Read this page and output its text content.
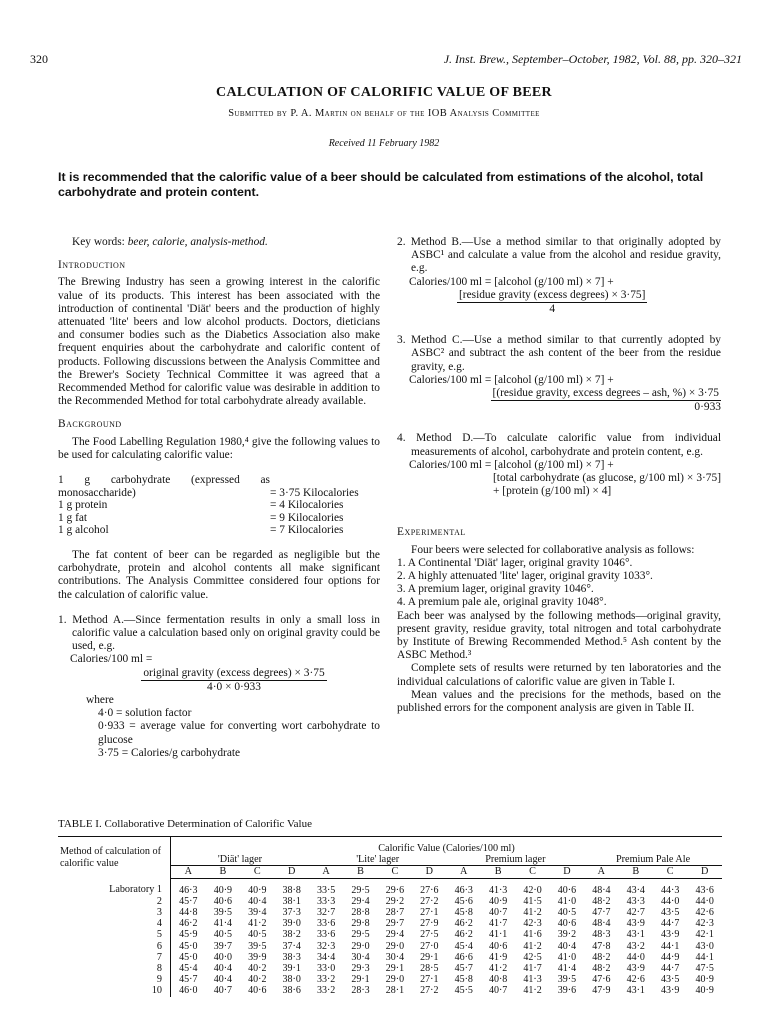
320	J. Inst. Brew., September–October, 1982, Vol. 88, pp. 320–321
CALCULATION OF CALORIFIC VALUE OF BEER
Submitted by P. A. Martin on behalf of the IOB Analysis Committee
Received 11 February 1982
It is recommended that the calorific value of a beer should be calculated from estimations of the alcohol, total carbohydrate and protein content.

Key words: beer, calorie, analysis-method.

Introduction

The Brewing Industry has seen a growing interest in the calorific value of its products. This interest has been associated with the introduction of continental 'Diät' beers and the production of highly attenuated 'lite' beers and low alcohol products. Doctors, dieticians and consumer bodies such as the Diabetics Association also make frequent enquiries about the carbohydrate and calorific content of products. Following discussions between the Analysis Committee and the Brewer's Society Technical Committee it was agreed that a Recommended Method for calorific value was desirable in addition to the Recommended Method for total carbohydrate already available.

Background

The Food Labelling Regulation 1980,⁴ give the following values to be used for calculating calorific value:

1 g carbohydrate (expressed as monosaccharide)	= 3·75 Kilocalories
1 g protein	= 4 Kilocalories
1 g fat	= 9 Kilocalories
1 g alcohol	= 7 Kilocalories

The fat content of beer can be regarded as negligible but the carbohydrate, protein and alcohol contents all make significant contributions. The Analysis Committee considered four options for the calculation of calorific value.

1. Method A.—Since fermentation results in only a small loss in calorific value a calculation based only on original gravity could be used, e.g.

Calories/100 ml =

$\frac{\text{original gravity (excess degrees) × 3·75}}{4\cdot 0 \times 0\cdot 933}$

where

4·0 = solution factor

0·933 = average value for converting wort carbohydrate to glucose

3·75 = Calories/g carbohydrate

2. Method B.—Use a method similar to that originally adopted by ASBC¹ and calculate a value from the alcohol and residue gravity, e.g.

Calories/100 ml = [alcohol (g/100 ml) × 7] +

$\frac{\text{[residue gravity (excess degrees) × 3·75]}}{4}$

3. Method C.—Use a method similar to that currently adopted by ASBC² and subtract the ash content of the beer from the residue gravity, e.g.

Calories/100 ml = [alcohol (g/100 ml) × 7] +

$\frac{\text{[(residue gravity, excess degrees – ash, \%) × 3·75}}{0\cdot 933}$

4. Method D.—To calculate calorific value from individual measurements of alcohol, carbohydrate and protein content, e.g.

Calories/100 ml = [alcohol (g/100 ml) × 7] +

[total carbohydrate (as glucose, g/100 ml) × 3·75] + [protein (g/100 ml) × 4]

Experimental

Four beers were selected for collaborative analysis as follows:

1. A Continental 'Diät' lager, original gravity 1046°.

2. A highly attenuated 'lite' lager, original gravity 1033°.

3. A premium lager, original gravity 1046°.

4. A premium pale ale, original gravity 1048°.

Each beer was analysed by the following methods—original gravity, present gravity, residue gravity, total nitrogen and total carbohydrate by Institute of Brewing Recommended Method.⁵ Ash content by the ASBC Method.³

Complete sets of results were returned by ten laboratories and the individual calculations of calorific value are given in Table I.

Mean values and the precisions for the methods, based on the published errors for the component analysis are given in Table II.

TABLE I. Collaborative Determination of Calorific Value
Method of calculation of calorific value	Calorific Value (Calories/100 ml)															
	'Diät' lager				'Lite' lager				Premium lager				Premium Pale Ale			
	A	B	C	D	A	B	C	D	A	B	C	D	A	B	C	D
Laboratory 1	46·3	40·9	40·9	38·8	33·5	29·5	29·6	27·6	46·3	41·3	42·0	40·6	48·4	43·4	44·3	43·6
2	45·7	40·6	40·4	38·1	33·3	29·4	29·2	27·2	45·6	40·9	41·5	41·0	48·2	43·3	44·0	44·0
3	44·8	39·5	39·4	37·3	32·7	28·8	28·7	27·1	45·8	40·7	41·2	40·5	47·7	42·7	43·5	42·6
4	46·2	41·4	41·2	39·0	33·6	29·8	29·7	27·9	46·2	41·7	42·3	40·6	48·4	43·9	44·7	42·3
5	45·9	40·5	40·5	38·2	33·6	29·5	29·4	27·5	46·2	41·1	41·6	39·2	48·3	43·1	43·9	42·1
6	45·0	39·7	39·5	37·4	32·3	29·0	29·0	27·0	45·4	40·6	41·2	40·4	47·8	43·2	44·1	43·0
7	45·0	40·0	39·9	38·3	34·4	30·4	30·4	29·1	46·6	41·9	42·5	41·0	48·2	44·0	44·9	44·1
8	45·4	40·4	40·2	39·1	33·0	29·3	29·1	28·5	45·7	41·2	41·7	41·4	48·2	43·9	44·7	47·5
9	45·7	40·4	40·2	38·0	33·2	29·1	29·0	27·1	45·8	40·8	41·3	39·5	47·6	42·6	43·5	40·9
10	46·0	40·7	40·6	38·6	33·2	28·3	28·1	27·2	45·5	40·7	41·2	39·6	47·9	43·1	43·9	40·9
